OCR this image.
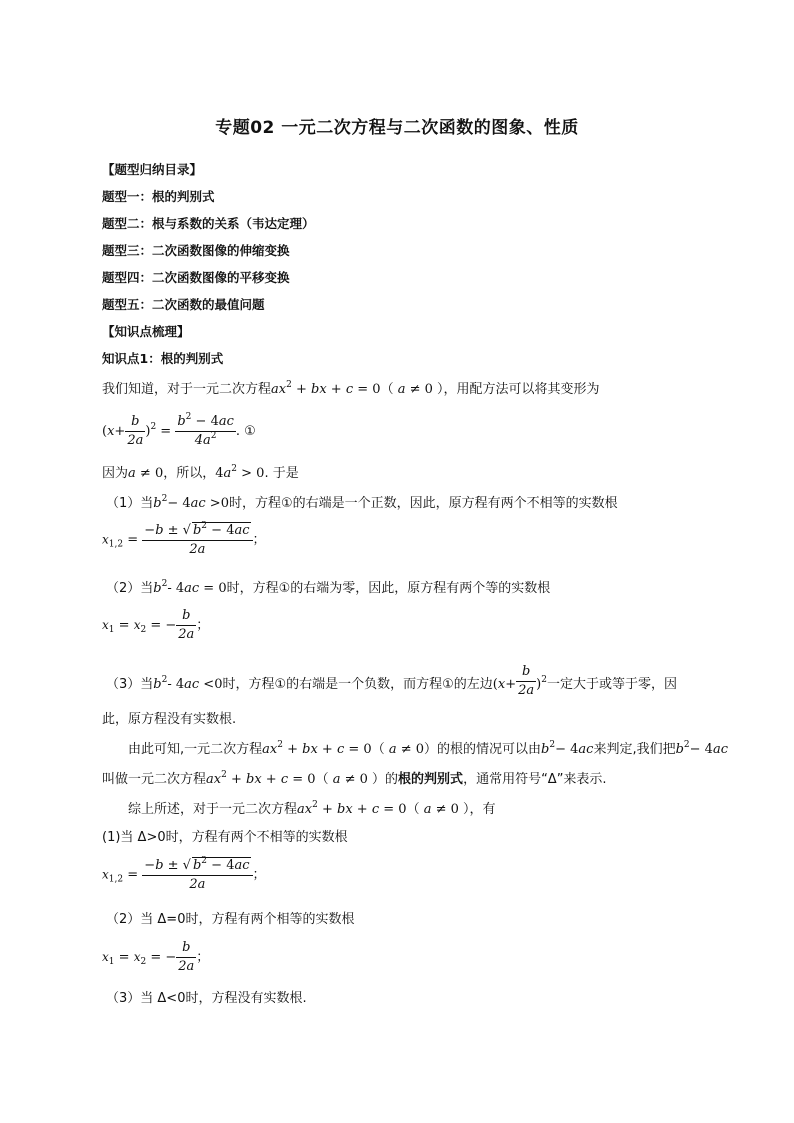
专题02 一元二次方程与二次函数的图象、性质
【题型归纳目录】
题型一：根的判别式
题型二：根与系数的关系（韦达定理）
题型三：二次函数图像的伸缩变换
题型四：二次函数图像的平移变换
题型五：二次函数的最值问题
【知识点梳理】
知识点1：根的判别式
我们知道，对于一元二次方程$ax^2$ + bx + c = 0（ a ≠ 0 ），用配方法可以将其变形为
$(x+ \frac{b}{2a} )^2 = \frac{b^2 - 4ac}{4a^2}$ . ①
因为a ≠ 0，所以，$4a^2 > 0$. 于是
（1）当$b^2- 4ac >0$时，方程①的右端是一个正数，因此，原方程有两个不相等的实数根
$x_{1,2} = \frac{-b \pm √ b^2 - 4ac}{2a}$ ；
（2）当$b^2-$ 4ac = 0时，方程①的右端为零，因此，原方程有两个等的实数根
$x_1 = x_2$ = − $\frac{b}{2a}$ ；
（3）当$b^2-$ 4ac <0时，方程①的右端是一个负数，而方程①的左边$(x+ \frac{b}{2a} )^2$一定大于或等于零，因
此，原方程没有实数根.
由此可知,一元二次方程$ax^2$ + bx + c = 0（ a ≠ 0）的根的情况可以由$b^2- 4ac$来判定,我们把$b^2- 4ac$
叫做一元二次方程$ax^2$ + bx + c = 0（ a ≠ 0 ）的根的判别式，通常用符号“Δ”来表示.
综上所述，对于一元二次方程$ax^2$ + bx + c = 0（ a ≠ 0 ），有
(1)当 Δ>0时，方程有两个不相等的实数根
$x_{1,2} = \frac{-b \pm √ b^2 - 4ac}{2a}$ ；
（2）当 Δ=0时，方程有两个相等的实数根
$x_1 = x_2$ = − $\frac{b}{2a}$ ；
（3）当 Δ<0时，方程没有实数根.
